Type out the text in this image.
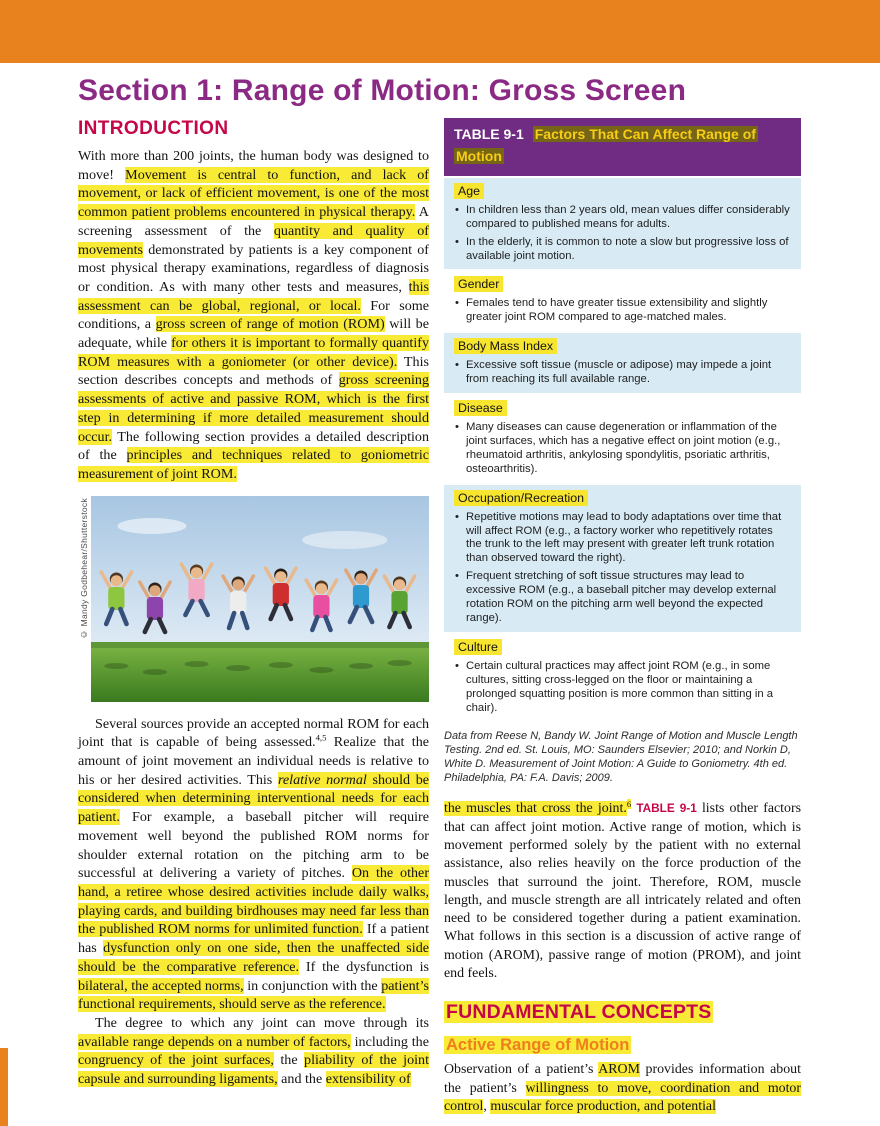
Section 1: Range of Motion: Gross Screen
INTRODUCTION

With more than 200 joints, the human body was designed to move! Movement is central to function, and lack of movement, or lack of efficient movement, is one of the most common patient problems encountered in physical therapy. A screening assessment of the quantity and quality of movements demonstrated by patients is a key component of most physical therapy examinations, regardless of diagnosis or condition. As with many other tests and measures, this assessment can be global, regional, or local. For some conditions, a gross screen of range of motion (ROM) will be adequate, while for others it is important to formally quantify ROM measures with a goniometer (or other device). This section describes concepts and methods of gross screening assessments of active and passive ROM, which is the first step in determining if more detailed measurement should occur. The following section provides a detailed description of the principles and techniques related to goniometric measurement of joint ROM.

© Mandy Godbehear/Shutterstock

Several sources provide an accepted normal ROM for each joint that is capable of being assessed.$^{4,5}$ Realize that the amount of joint movement an individual needs is relative to his or her desired activities. This relative normal should be considered when determining interventional needs for each patient. For example, a baseball pitcher will require movement well beyond the published ROM norms for shoulder external rotation on the pitching arm to be successful at delivering a variety of pitches. On the other hand, a retiree whose desired activities include daily walks, playing cards, and building birdhouses may need far less than the published ROM norms for unlimited function. If a patient has dysfunction only on one side, then the unaffected side should be the comparative reference. If the dysfunction is bilateral, the accepted norms, in conjunction with the patient’s functional requirements, should serve as the reference.

The degree to which any joint can move through its available range depends on a number of factors, including the congruency of the joint surfaces, the pliability of the joint capsule and surrounding ligaments, and the extensibility of

TABLE 9-1 Factors That Can Affect Range of Motion
Age
• In children less than 2 years old, mean values differ considerably compared to published means for adults.
• In the elderly, it is common to note a slow but progressive loss of available joint motion.
Gender
• Females tend to have greater tissue extensibility and slightly greater joint ROM compared to age-matched males.
Body Mass Index
• Excessive soft tissue (muscle or adipose) may impede a joint from reaching its full available range.
Disease
• Many diseases can cause degeneration or inflammation of the joint surfaces, which has a negative effect on joint motion (e.g., rheumatoid arthritis, ankylosing spondylitis, psoriatic arthritis, osteoarthritis).
Occupation/Recreation
• Repetitive motions may lead to body adaptations over time that will affect ROM (e.g., a factory worker who repetitively rotates the trunk to the left may present with greater left trunk rotation than observed toward the right).
• Frequent stretching of soft tissue structures may lead to excessive ROM (e.g., a baseball pitcher may develop external rotation ROM on the pitching arm well beyond the expected range).
Culture
• Certain cultural practices may affect joint ROM (e.g., in some cultures, sitting cross-legged on the floor or maintaining a prolonged squatting position is more common than sitting in a chair).

Data from Reese N, Bandy W. Joint Range of Motion and Muscle Length Testing. 2nd ed. St. Louis, MO: Saunders Elsevier; 2010; and Norkin D, White D. Measurement of Joint Motion: A Guide to Goniometry. 4th ed. Philadelphia, PA: F.A. Davis; 2009.

the muscles that cross the joint.$^6$ TABLE 9-1 lists other factors that can affect joint motion. Active range of motion, which is movement performed solely by the patient with no external assistance, also relies heavily on the force production of the muscles that surround the joint. Therefore, ROM, muscle length, and muscle strength are all intricately related and often need to be considered together during a patient examination. What follows in this section is a discussion of active range of motion (AROM), passive range of motion (PROM), and joint end feels.

FUNDAMENTAL CONCEPTS
Active Range of Motion

Observation of a patient’s AROM provides information about the patient’s willingness to move, coordination and motor control, muscular force production, and potential
